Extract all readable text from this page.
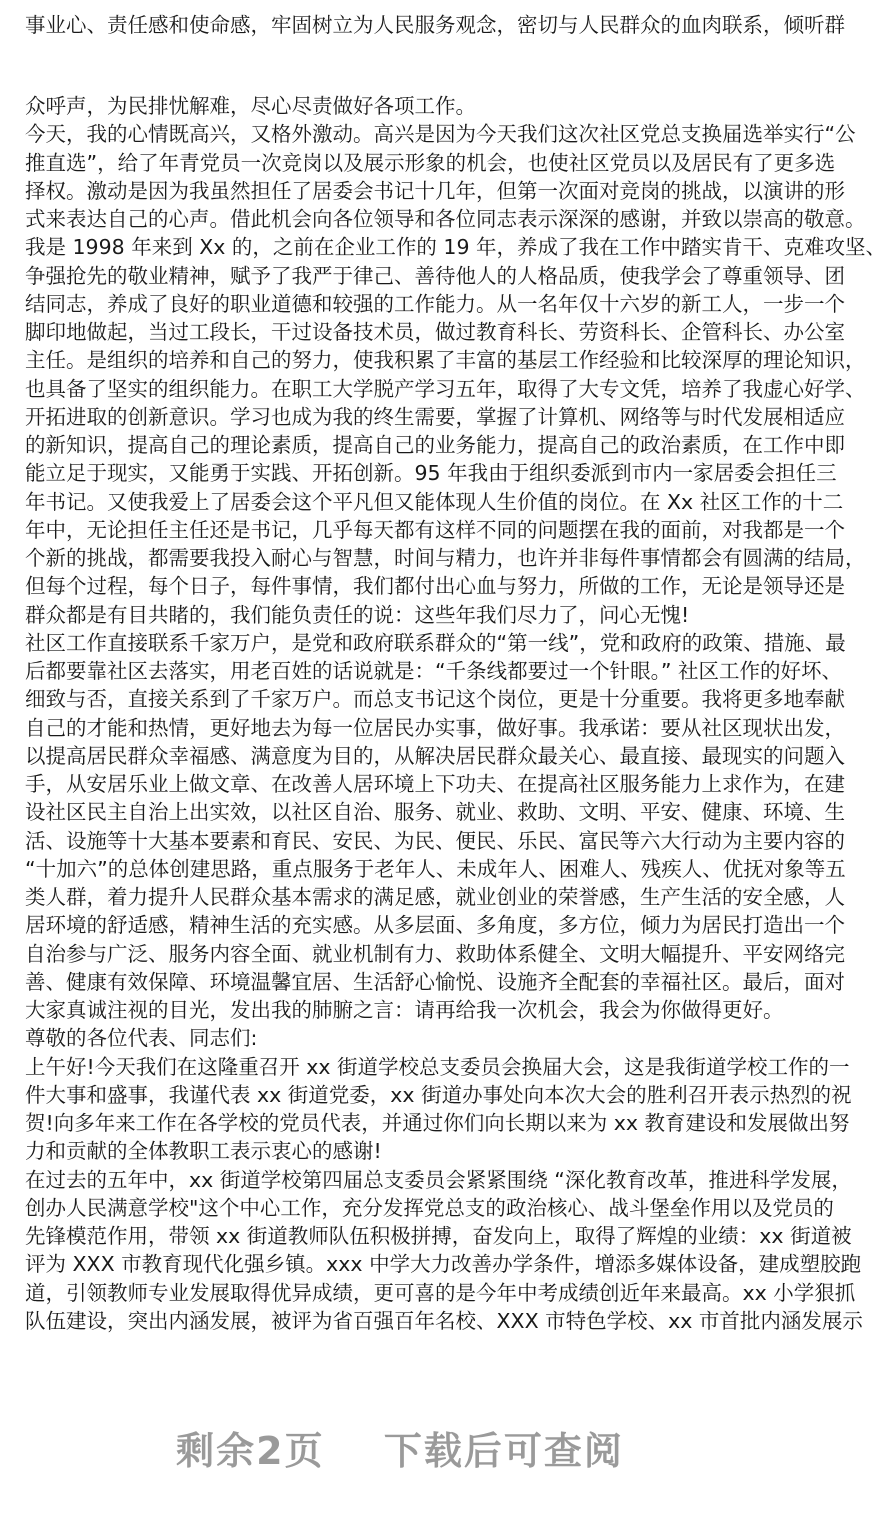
事业心、责任感和使命感，牢固树立为人民服务观念，密切与人民群众的血肉联系，倾听群
众呼声，为民排忧解难，尽心尽责做好各项工作。
今天，我的心情既高兴，又格外激动。高兴是因为今天我们这次社区党总支换届选举实行“公
推直选”，给了年青党员一次竞岗以及展示形象的机会，也使社区党员以及居民有了更多选
择权。激动是因为我虽然担任了居委会书记十几年，但第一次面对竞岗的挑战，以演讲的形
式来表达自己的心声。借此机会向各位领导和各位同志表示深深的感谢，并致以崇高的敬意。
我是 1998 年来到 Xx 的，之前在企业工作的 19 年，养成了我在工作中踏实肯干、克难攻坚、
争强抢先的敬业精神，赋予了我严于律己、善待他人的人格品质，使我学会了尊重领导、团
结同志，养成了良好的职业道德和较强的工作能力。从一名年仅十六岁的新工人，一步一个
脚印地做起，当过工段长，干过设备技术员，做过教育科长、劳资科长、企管科长、办公室
主任。是组织的培养和自己的努力，使我积累了丰富的基层工作经验和比较深厚的理论知识，
也具备了坚实的组织能力。在职工大学脱产学习五年，取得了大专文凭，培养了我虚心好学、
开拓进取的创新意识。学习也成为我的终生需要，掌握了计算机、网络等与时代发展相适应
的新知识，提高自己的理论素质，提高自己的业务能力，提高自己的政治素质，在工作中即
能立足于现实，又能勇于实践、开拓创新。95 年我由于组织委派到市内一家居委会担任三
年书记。又使我爱上了居委会这个平凡但又能体现人生价值的岗位。在 Xx 社区工作的十二
年中，无论担任主任还是书记，几乎每天都有这样不同的问题摆在我的面前，对我都是一个
个新的挑战，都需要我投入耐心与智慧，时间与精力，也许并非每件事情都会有圆满的结局，
但每个过程，每个日子，每件事情，我们都付出心血与努力，所做的工作，无论是领导还是
群众都是有目共睹的，我们能负责任的说：这些年我们尽力了，问心无愧!
社区工作直接联系千家万户，是党和政府联系群众的“第一线”，党和政府的政策、措施、最
后都要靠社区去落实，用老百姓的话说就是：“千条线都要过一个针眼。” 社区工作的好坏、
细致与否，直接关系到了千家万户。而总支书记这个岗位，更是十分重要。我将更多地奉献
自己的才能和热情，更好地去为每一位居民办实事，做好事。我承诺：要从社区现状出发，
以提高居民群众幸福感、满意度为目的，从解决居民群众最关心、最直接、最现实的问题入
手，从安居乐业上做文章、在改善人居环境上下功夫、在提高社区服务能力上求作为，在建
设社区民主自治上出实效，以社区自治、服务、就业、救助、文明、平安、健康、环境、生
活、设施等十大基本要素和育民、安民、为民、便民、乐民、富民等六大行动为主要内容的
“十加六”的总体创建思路，重点服务于老年人、未成年人、困难人、残疾人、优抚对象等五
类人群，着力提升人民群众基本需求的满足感，就业创业的荣誉感，生产生活的安全感，人
居环境的舒适感，精神生活的充实感。从多层面、多角度，多方位，倾力为居民打造出一个
自治参与广泛、服务内容全面、就业机制有力、救助体系健全、文明大幅提升、平安网络完
善、健康有效保障、环境温馨宜居、生活舒心愉悦、设施齐全配套的幸福社区。最后，面对
大家真诚注视的目光，发出我的肺腑之言：请再给我一次机会，我会为你做得更好。
尊敬的各位代表、同志们:
上午好!今天我们在这隆重召开 xx 街道学校总支委员会换届大会，这是我街道学校工作的一
件大事和盛事，我谨代表 xx 街道党委，xx 街道办事处向本次大会的胜利召开表示热烈的祝
贺!向多年来工作在各学校的党员代表，并通过你们向长期以来为 xx 教育建设和发展做出努
力和贡献的全体教职工表示衷心的感谢!
在过去的五年中，xx 街道学校第四届总支委员会紧紧围绕 “深化教育改革，推进科学发展，
创办人民满意学校"这个中心工作，充分发挥党总支的政治核心、战斗堡垒作用以及党员的
先锋模范作用，带领 xx 街道教师队伍积极拼搏，奋发向上，取得了辉煌的业绩：xx 街道被
评为 XXX 市教育现代化强乡镇。xxx 中学大力改善办学条件，增添多媒体设备，建成塑胶跑
道，引领教师专业发展取得优异成绩，更可喜的是今年中考成绩创近年来最高。xx 小学狠抓
队伍建设，突出内涵发展，被评为省百强百年名校、XXX 市特色学校、xx 市首批内涵发展示
剩余2页 下载后可查阅
